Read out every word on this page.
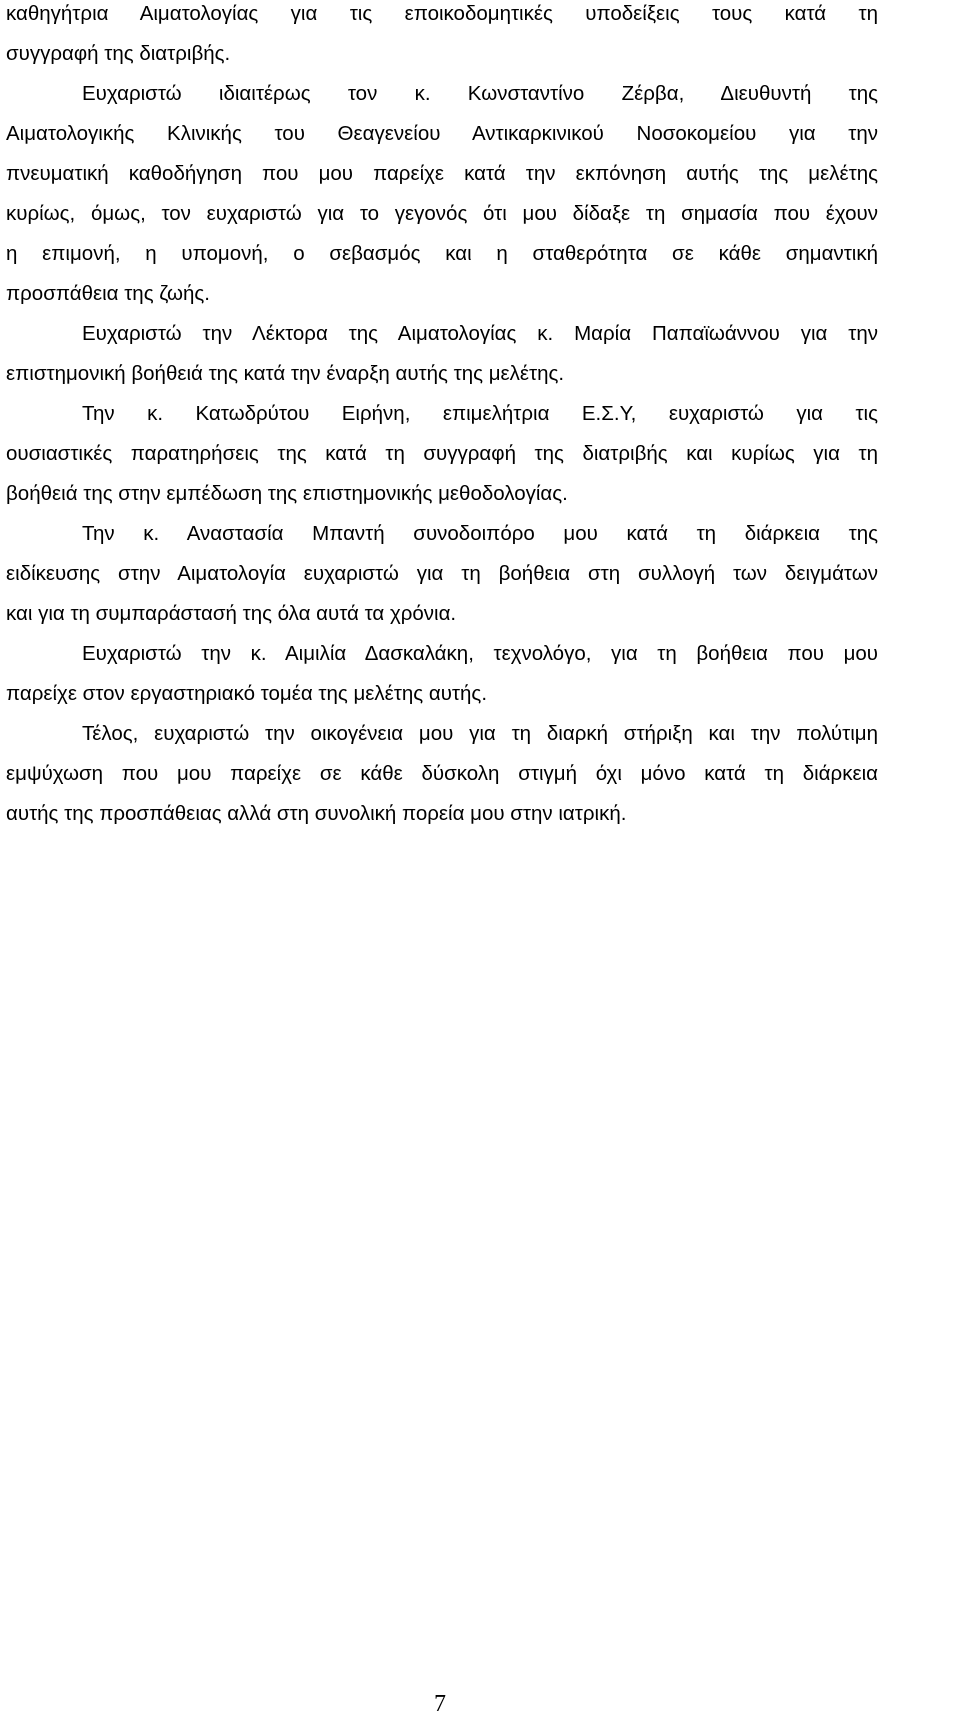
καθηγήτρια Αιματολογίας για τις εποικοδομητικές υποδείξεις τους κατά τη
συγγραφή της διατριβής.
Ευχαριστώ ιδιαιτέρως τον κ. Κωνσταντίνο Ζέρβα, Διευθυντή της
Αιματολογικής Κλινικής του Θεαγενείου Αντικαρκινικού Νοσοκομείου για την
πνευματική καθοδήγηση που μου παρείχε κατά την εκπόνηση αυτής της μελέτης
κυρίως, όμως, τον ευχαριστώ για το γεγονός ότι μου δίδαξε τη σημασία που έχουν
η επιμονή, η υπομονή, ο σεβασμός και η σταθερότητα σε κάθε σημαντική
προσπάθεια της ζωής.
Ευχαριστώ την Λέκτορα της Αιματολογίας κ. Μαρία Παπαϊωάννου για την
επιστημονική βοήθειά της κατά την έναρξη αυτής της μελέτης.
Την κ. Κατωδρύτου Ειρήνη, επιμελήτρια Ε.Σ.Υ, ευχαριστώ για τις
ουσιαστικές παρατηρήσεις της κατά τη συγγραφή της διατριβής και κυρίως για τη
βοήθειά της στην εμπέδωση της επιστημονικής μεθοδολογίας.
Την κ. Αναστασία Μπαντή συνοδοιπόρο μου κατά τη διάρκεια της
ειδίκευσης στην Αιματολογία ευχαριστώ για τη βοήθεια στη συλλογή των δειγμάτων
και για τη συμπαράστασή της όλα αυτά τα χρόνια.
Ευχαριστώ την κ. Αιμιλία Δασκαλάκη, τεχνολόγο, για τη βοήθεια που μου
παρείχε στον εργαστηριακό τομέα της μελέτης αυτής.
Τέλος, ευχαριστώ την οικογένεια μου για τη διαρκή στήριξη και την πολύτιμη
εμψύχωση που μου παρείχε σε κάθε δύσκολη στιγμή όχι μόνο κατά τη διάρκεια
αυτής της προσπάθειας αλλά στη συνολική πορεία μου στην ιατρική.
7
